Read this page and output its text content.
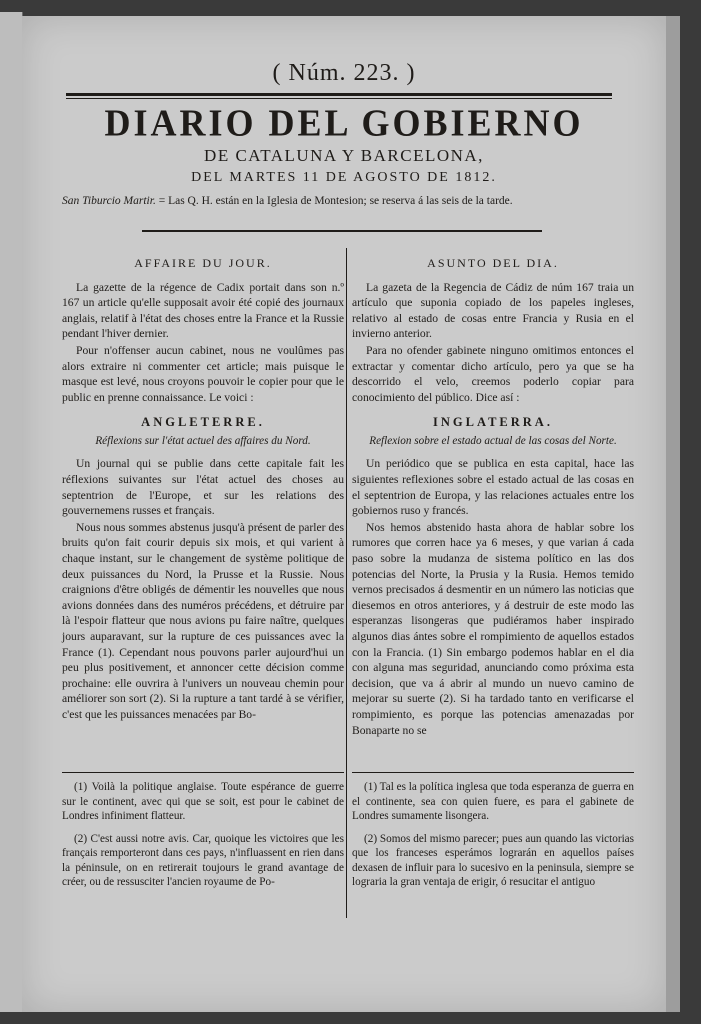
( Núm. 223. )
DIARIO DEL GOBIERNO
DE CATALUNA Y BARCELONA,
DEL MARTES 11 DE AGOSTO DE 1812.
San Tiburcio Martir. = Las Q. H. están en la Iglesia de Montesion; se reserva á las seis de la tarde.

AFFAIRE DU JOUR.

La gazette de la régence de Cadix portait dans son n.º 167 un article qu'elle supposait avoir été copié des journaux anglais, relatif à l'état des choses entre la France et la Russie pendant l'hiver dernier.

Pour n'offenser aucun cabinet, nous ne voulûmes pas alors extraire ni commenter cet article; mais puisque le masque est levé, nous croyons pouvoir le copier pour que le public en prenne connaissance. Le voici :

ANGLETERRE.

Réflexions sur l'état actuel des affaires du Nord.

Un journal qui se publie dans cette capitale fait les réflexions suivantes sur l'état actuel des choses au septentrion de l'Europe, et sur les relations des gouvernemens russes et français.

Nous nous sommes abstenus jusqu'à présent de parler des bruits qu'on fait courir depuis six mois, et qui varient à chaque instant, sur le changement de système politique de deux puissances du Nord, la Prusse et la Russie. Nous craignions d'être obligés de démentir les nouvelles que nous avions données dans des numéros précédens, et détruire par là l'espoir flatteur que nous avions pu faire naître, quelques jours auparavant, sur la rupture de ces puissances avec la France (1). Cependant nous pouvons parler aujourd'hui un peu plus positivement, et annoncer cette décision comme prochaine: elle ouvrira à l'univers un nouveau chemin pour améliorer son sort (2). Si la rupture a tant tardé à se vérifier, c'est que les puissances menacées par Bo-

ASUNTO DEL DIA.

La gazeta de la Regencia de Cádiz de núm 167 traia un artículo que suponia copiado de los papeles ingleses, relativo al estado de cosas entre Francia y Rusia en el invierno anterior.

Para no ofender gabinete ninguno omitimos entonces el extractar y comentar dicho artículo, pero ya que se ha descorrido el velo, creemos poderlo copiar para conocimiento del público. Dice así :

INGLATERRA.

Reflexion sobre el estado actual de las cosas del Norte.

Un periódico que se publica en esta capital, hace las siguientes reflexiones sobre el estado actual de las cosas en el septentrion de Europa, y las relaciones actuales entre los gobiernos ruso y francés.

Nos hemos abstenido hasta ahora de hablar sobre los rumores que corren hace ya 6 meses, y que varian á cada paso sobre la mudanza de sistema político en las dos potencias del Norte, la Prusia y la Rusia. Hemos temido vernos precisados á desmentir en un número las noticias que diesemos en otros anteriores, y á destruir de este modo las esperanzas lisongeras que pudiéramos haber inspirado algunos dias ántes sobre el rompimiento de aquellos estados con la Francia. (1) Sin embargo podemos hablar en el dia con alguna mas seguridad, anunciando como próxima esta decision, que va á abrir al mundo un nuevo camino de mejorar su suerte (2). Si ha tardado tanto en verificarse el rompimiento, es porque las potencias amenazadas por Bonaparte no se

(1) Voilà la politique anglaise. Toute espérance de guerre sur le continent, avec qui que se soit, est pour le cabinet de Londres infiniment flatteur.

(2) C'est aussi notre avis. Car, quoique les victoires que les français remporteront dans ces pays, n'influassent en rien dans la péninsule, on en retirerait toujours le grand avantage de créer, ou de ressusciter l'ancien royaume de Po-

(1) Tal es la política inglesa que toda esperanza de guerra en el continente, sea con quien fuere, es para el gabinete de Londres sumamente lisongera.

(2) Somos del mismo parecer; pues aun quando las victorias que los franceses esperámos lograrán en aquellos países dexasen de influir para lo sucesivo en la peninsula, siempre se lograria la gran ventaja de erigir, ó resucitar el antiguo
